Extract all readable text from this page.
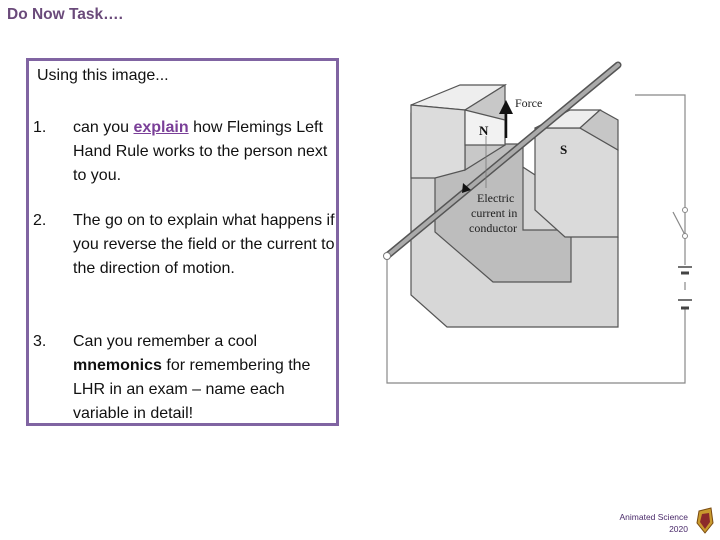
Do Now Task….
Using this image...
1.	can you explain how Flemings Left Hand Rule works to the person next to you.
2.	The go on to explain what happens if you reverse the field or the current to the direction of motion.
3.	Can you remember a cool mnemonics for remembering the LHR in an exam – name each variable in detail!
Force
N
S
Electric
current in
conductor
Animated Science
2020
